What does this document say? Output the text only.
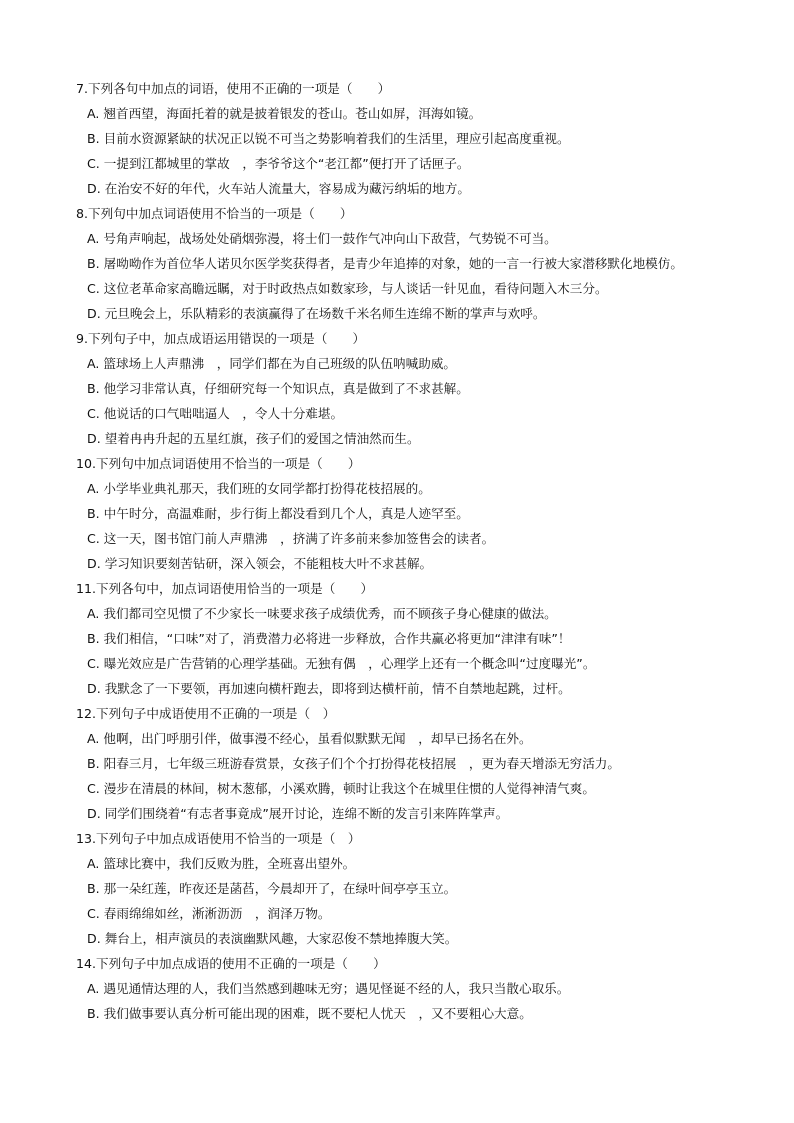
7.下列各句中加点的词语，使用不正确的一项是（　　）
A. 翘首西望，海面托着的就是披着银发的苍山。苍山如屏，洱海如镜。
B. 目前水资源紧缺的状况正以锐不可当之势影响着我们的生活里，理应引起高度重视。
C. 一提到江都城里的掌故　，李爷爷这个“老江都”便打开了话匣子。
D. 在治安不好的年代，火车站人流量大，容易成为藏污纳垢的地方。
8.下列句中加点词语使用不恰当的一项是（　　）
A. 号角声响起，战场处处硝烟弥漫，将士们一鼓作气冲向山下敌营，气势锐不可当。
B. 屠呦呦作为首位华人诺贝尔医学奖获得者，是青少年追捧的对象，她的一言一行被大家潜移默化地模仿。
C. 这位老革命家高瞻远瞩，对于时政热点如数家珍，与人谈话一针见血，看待问题入木三分。
D. 元旦晚会上，乐队精彩的表演赢得了在场数千米名师生连绵不断的掌声与欢呼。
9.下列句子中，加点成语运用错误的一项是（　　）
A. 篮球场上人声鼎沸　，同学们都在为自己班级的队伍呐喊助威。
B. 他学习非常认真，仔细研究每一个知识点，真是做到了不求甚解。
C. 他说话的口气咄咄逼人　，令人十分难堪。
D. 望着冉冉升起的五星红旗，孩子们的爱国之情油然而生。
10.下列句中加点词语使用不恰当的一项是（　　）
A. 小学毕业典礼那天，我们班的女同学都打扮得花枝招展的。
B. 中午时分，高温难耐，步行街上都没看到几个人，真是人迹罕至。
C. 这一天，图书馆门前人声鼎沸　，挤满了许多前来参加签售会的读者。
D. 学习知识要刻苦钻研，深入领会，不能粗枝大叶不求甚解。
11.下列各句中，加点词语使用恰当的一项是（　　）
A. 我们都司空见惯了不少家长一味要求孩子成绩优秀，而不顾孩子身心健康的做法。
B. 我们相信，“口味”对了，消费潜力必将进一步释放，合作共赢必将更加“津津有味”！
C. 曝光效应是广告营销的心理学基础。无独有偶　，心理学上还有一个概念叫“过度曝光”。
D. 我默念了一下要领，再加速向横杆跑去，即将到达横杆前，情不自禁地起跳，过杆。
12.下列句子中成语使用不正确的一项是（　）
A. 他啊，出门呼朋引伴，做事漫不经心，虽看似默默无闻　，却早已扬名在外。
B. 阳春三月，七年级三班游春赏景，女孩子们个个打扮得花枝招展　，更为春天增添无穷活力。
C. 漫步在清晨的林间，树木葱郁，小溪欢腾，顿时让我这个在城里住惯的人觉得神清气爽。
D. 同学们围绕着“有志者事竟成”展开讨论，连绵不断的发言引来阵阵掌声。
13.下列句子中加点成语使用不恰当的一项是（　）
A. 篮球比赛中，我们反败为胜，全班喜出望外。
B. 那一朵红莲，昨夜还是菡萏，今晨却开了，在绿叶间亭亭玉立。
C. 春雨绵绵如丝，淅淅沥沥　，润泽万物。
D. 舞台上，相声演员的表演幽默风趣，大家忍俊不禁地捧腹大笑。
14.下列句子中加点成语的使用不正确的一项是（　　）
A. 遇见通情达理的人，我们当然感到趣味无穷；遇见怪诞不经的人，我只当散心取乐。
B. 我们做事要认真分析可能出现的困难，既不要杞人忧天　，又不要粗心大意。
